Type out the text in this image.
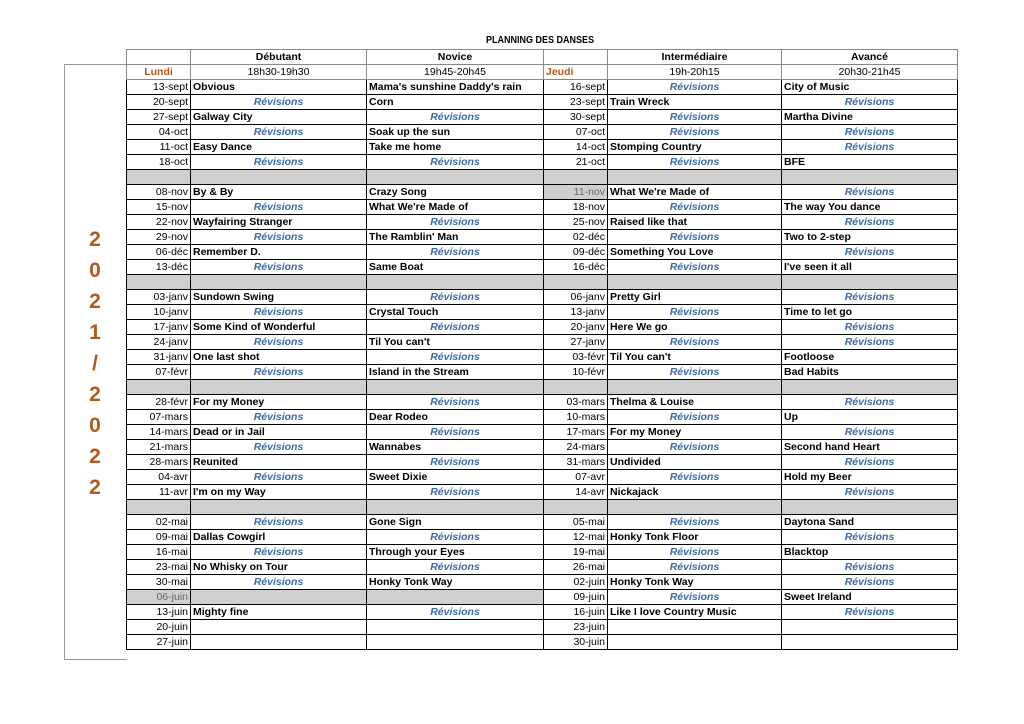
PLANNING DES DANSES
2
0
2
1
/
2
0
2
2
	Débutant	Novice		Intermédiaire	Avancé
Lundi	18h30-19h30	19h45-20h45	Jeudi	19h-20h15	20h30-21h45
13-sept	Obvious	Mama's sunshine Daddy's rain	16-sept	Révisions	City of Music
20-sept	Révisions	Corn	23-sept	Train Wreck	Révisions
27-sept	Galway City	Révisions	30-sept	Révisions	Martha Divine
04-oct	Révisions	Soak up the sun	07-oct	Révisions	Révisions
11-oct	Easy Dance	Take me home	14-oct	Stomping Country	Révisions
18-oct	Révisions	Révisions	21-oct	Révisions	BFE

08-nov	By & By	Crazy Song	11-nov	What We're Made of	Révisions
15-nov	Révisions	What We're Made of	18-nov	Révisions	The way You dance
22-nov	Wayfairing Stranger	Révisions	25-nov	Raised like that	Révisions
29-nov	Révisions	The Ramblin' Man	02-déc	Révisions	Two to 2-step
06-déc	Remember D.	Révisions	09-déc	Something You Love	Révisions
13-déc	Révisions	Same Boat	16-déc	Révisions	I've seen it all

03-janv	Sundown Swing	Révisions	06-janv	Pretty Girl	Révisions
10-janv	Révisions	Crystal Touch	13-janv	Révisions	Time to let go
17-janv	Some Kind of Wonderful	Révisions	20-janv	Here We go	Révisions
24-janv	Révisions	Til You can't	27-janv	Révisions	Révisions
31-janv	One last shot	Révisions	03-févr	Til You can't	Footloose
07-févr	Révisions	Island in the Stream	10-févr	Révisions	Bad Habits

28-févr	For my Money	Révisions	03-mars	Thelma & Louise	Révisions
07-mars	Révisions	Dear Rodeo	10-mars	Révisions	Up
14-mars	Dead or in Jail	Révisions	17-mars	For my Money	Révisions
21-mars	Révisions	Wannabes	24-mars	Révisions	Second hand Heart
28-mars	Reunited	Révisions	31-mars	Undivided	Révisions
04-avr	Révisions	Sweet Dixie	07-avr	Révisions	Hold my Beer
11-avr	I'm on my Way	Révisions	14-avr	Nickajack	Révisions

02-mai	Révisions	Gone Sign	05-mai	Révisions	Daytona Sand
09-mai	Dallas Cowgirl	Révisions	12-mai	Honky Tonk Floor	Révisions
16-mai	Révisions	Through your Eyes	19-mai	Révisions	Blacktop
23-mai	No Whisky on Tour	Révisions	26-mai	Révisions	Révisions
30-mai	Révisions	Honky Tonk Way	02-juin	Honky Tonk Way	Révisions
06-juin			09-juin	Révisions	Sweet Ireland
13-juin	Mighty fine	Révisions	16-juin	Like I love Country Music	Révisions
20-juin			23-juin		
27-juin			30-juin		
